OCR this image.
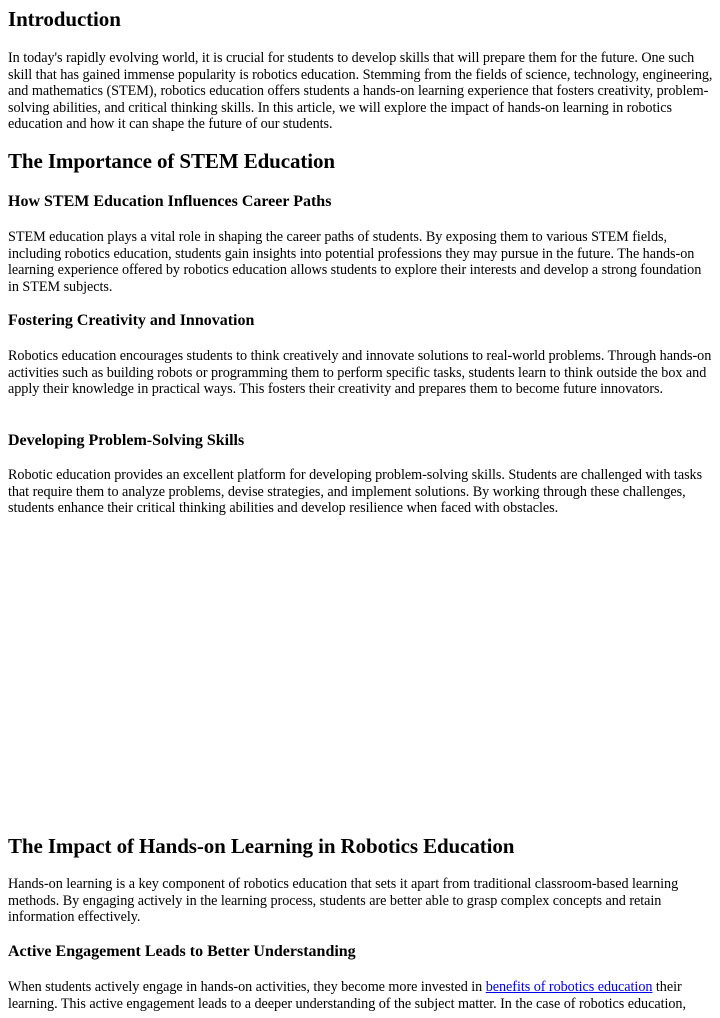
Introduction

In today's rapidly evolving world, it is crucial for students to develop skills that will prepare them for the future. One such skill that has gained immense popularity is robotics education. Stemming from the fields of science, technology, engineering, and mathematics (STEM), robotics education offers students a hands-on learning experience that fosters creativity, problem-solving abilities, and critical thinking skills. In this article, we will explore the impact of hands-on learning in robotics education and how it can shape the future of our students.

The Importance of STEM Education
How STEM Education Influences Career Paths

STEM education plays a vital role in shaping the career paths of students. By exposing them to various STEM fields, including robotics education, students gain insights into potential professions they may pursue in the future. The hands-on learning experience offered by robotics education allows students to explore their interests and develop a strong foundation in STEM subjects.

Fostering Creativity and Innovation

Robotics education encourages students to think creatively and innovate solutions to real-world problems. Through hands-on activities such as building robots or programming them to perform specific tasks, students learn to think outside the box and apply their knowledge in practical ways. This fosters their creativity and prepares them to become future innovators.

Developing Problem-Solving Skills

Robotic education provides an excellent platform for developing problem-solving skills. Students are challenged with tasks that require them to analyze problems, devise strategies, and implement solutions. By working through these challenges, students enhance their critical thinking abilities and develop resilience when faced with obstacles.

The Impact of Hands-on Learning in Robotics Education

Hands-on learning is a key component of robotics education that sets it apart from traditional classroom-based learning methods. By engaging actively in the learning process, students are better able to grasp complex concepts and retain information effectively.

Active Engagement Leads to Better Understanding

When students actively engage in hands-on activities, they become more invested in benefits of robotics education their learning. This active engagement leads to a deeper understanding of the subject matter. In the case of robotics education,
